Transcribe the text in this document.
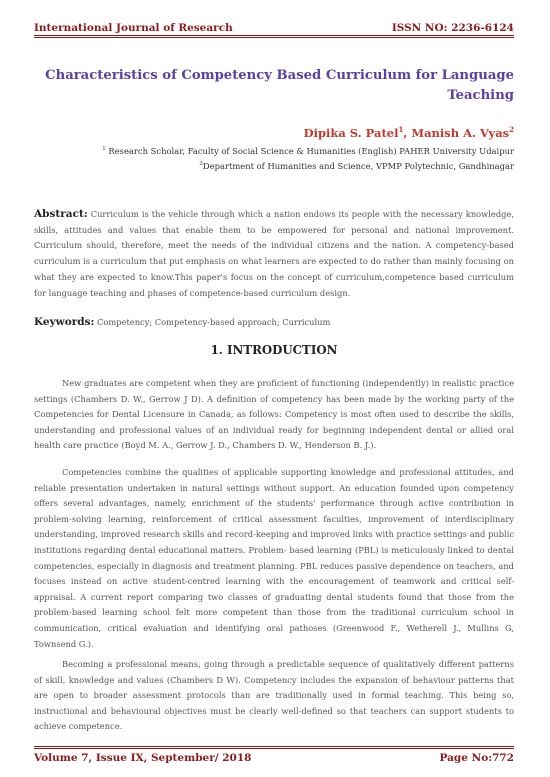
International Journal of Research	ISSN NO: 2236-6124
Characteristics of Competency Based Curriculum for Language Teaching
Dipika S. Patel$^1$, Manish A. Vyas$^2$
$^1$ Research Scholar, Faculty of Social Science & Humanities (English) PAHER University Udaipur
$^2$Department of Humanities and Science, VPMP Polytechnic, Gandhinagar
Abstract: Curriculum is the vehicle through which a nation endows its people with the necessary knowledge, skills, attitudes and values that enable them to be empowered for personal and national improvement. Curriculum should, therefore, meet the needs of the individual citizens and the nation. A competency-based curriculum is a curriculum that put emphasis on what learners are expected to do rather than mainly focusing on what they are expected to know.This paper's focus on the concept of curriculum,competence based curriculum for language teaching and phases of competence-based curriculum design.
Keywords: Competency; Competency-based approach; Curriculum
1. INTRODUCTION
New graduates are competent when they are proficient of functioning (independently) in realistic practice settings (Chambers D. W., Gerrow J D). A definition of competency has been made by the working party of the Competencies for Dental Licensure in Canada, as follows: Competency is most often used to describe the skills, understanding and professional values of an individual ready for beginning independent dental or allied oral health care practice (Boyd M. A., Gerrow J. D., Chambers D. W., Henderson B. J.).
Competencies combine the qualities of applicable supporting knowledge and professional attitudes, and reliable presentation undertaken in natural settings without support. An education founded upon competency offers several advantages, namely, enrichment of the students' performance through active contribution in problem-solving learning, reinforcement of critical assessment faculties, improvement of interdisciplinary understanding, improved research skills and record-keeping and improved links with practice settings and public institutions regarding dental educational matters. Problem- based learning (PBL) is meticulously linked to dental competencies, especially in diagnosis and treatment planning. PBL reduces passive dependence on teachers, and focuses instead on active student-centred learning with the encouragement of teamwork and critical self-appraisal. A current report comparing two classes of graduating dental students found that those from the problem-based learning school felt more competent than those from the traditional curriculum school in communication, critical evaluation and identifying oral pathoses (Greenwood F., Wetherell J., Mullins G, Townsend G.).
Becoming a professional means, going through a predictable sequence of qualitatively different patterns of skill, knowledge and values (Chambers D W). Competency includes the expansion of behaviour patterns that are open to broader assessment protocols than are traditionally used in formal teaching. This being so, instructional and behavioural objectives must be clearly well-defined so that teachers can support students to achieve competence.
Volume 7, Issue IX, September/ 2018	Page No:772
